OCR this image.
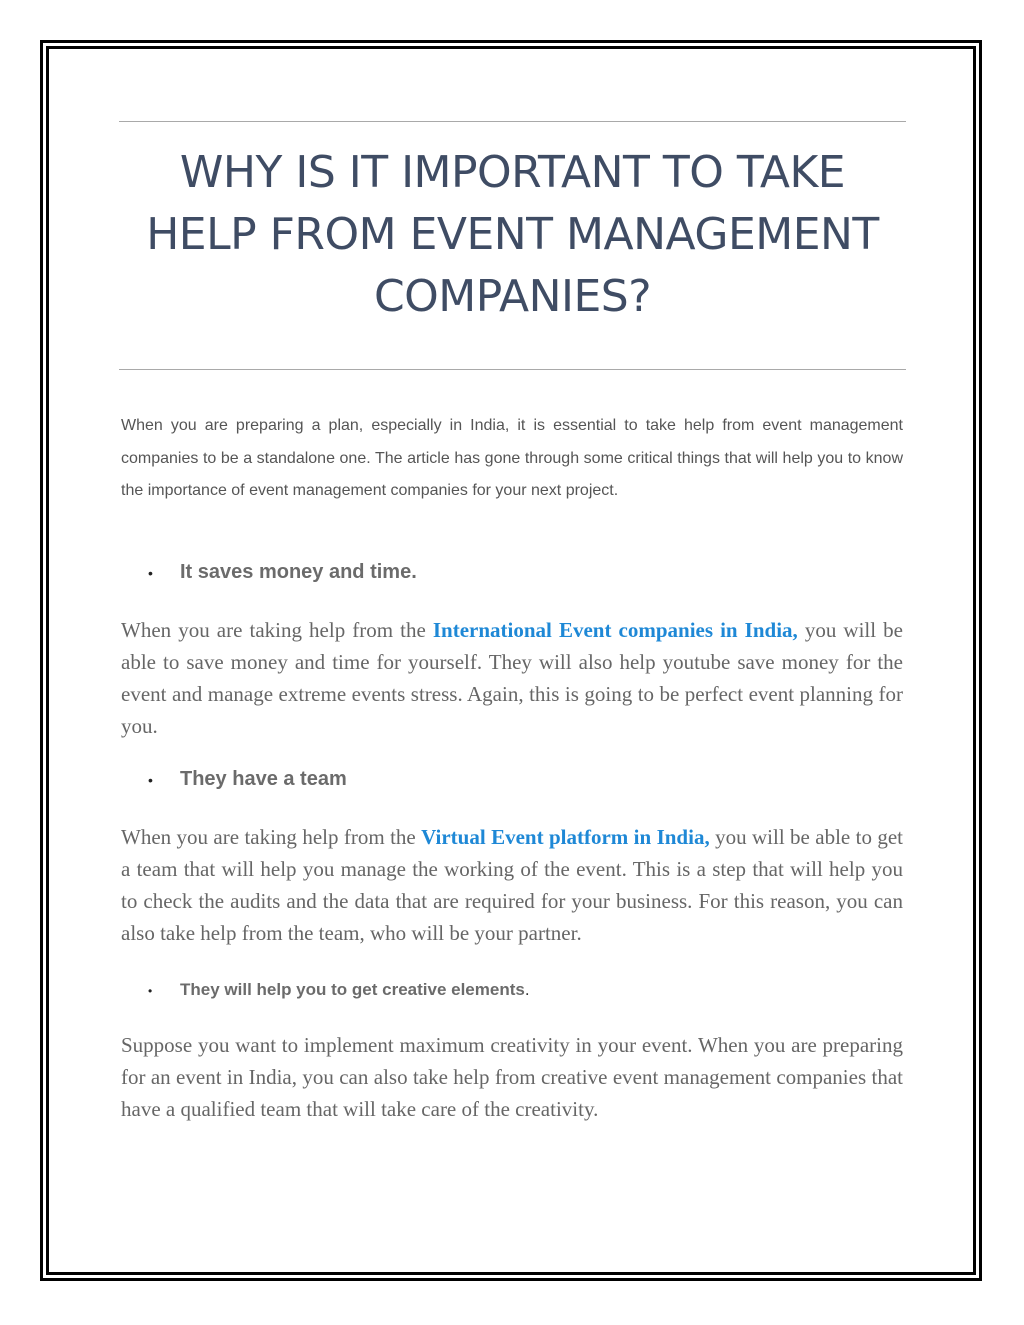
WHY IS IT IMPORTANT TO TAKE HELP FROM EVENT MANAGEMENT COMPANIES?

When you are preparing a plan, especially in India, it is essential to take help from event management companies to be a standalone one. The article has gone through some critical things that will help you to know the importance of event management companies for your next project.

• It saves money and time.

When you are taking help from the International Event companies in India, you will be able to save money and time for yourself. They will also help youtube save money for the event and manage extreme events stress. Again, this is going to be perfect event planning for you.

• They have a team

When you are taking help from the Virtual Event platform in India, you will be able to get a team that will help you manage the working of the event. This is a step that will help you to check the audits and the data that are required for your business. For this reason, you can also take help from the team, who will be your partner.

• They will help you to get creative elements.

Suppose you want to implement maximum creativity in your event. When you are preparing for an event in India, you can also take help from creative event management companies that have a qualified team that will take care of the creativity.
